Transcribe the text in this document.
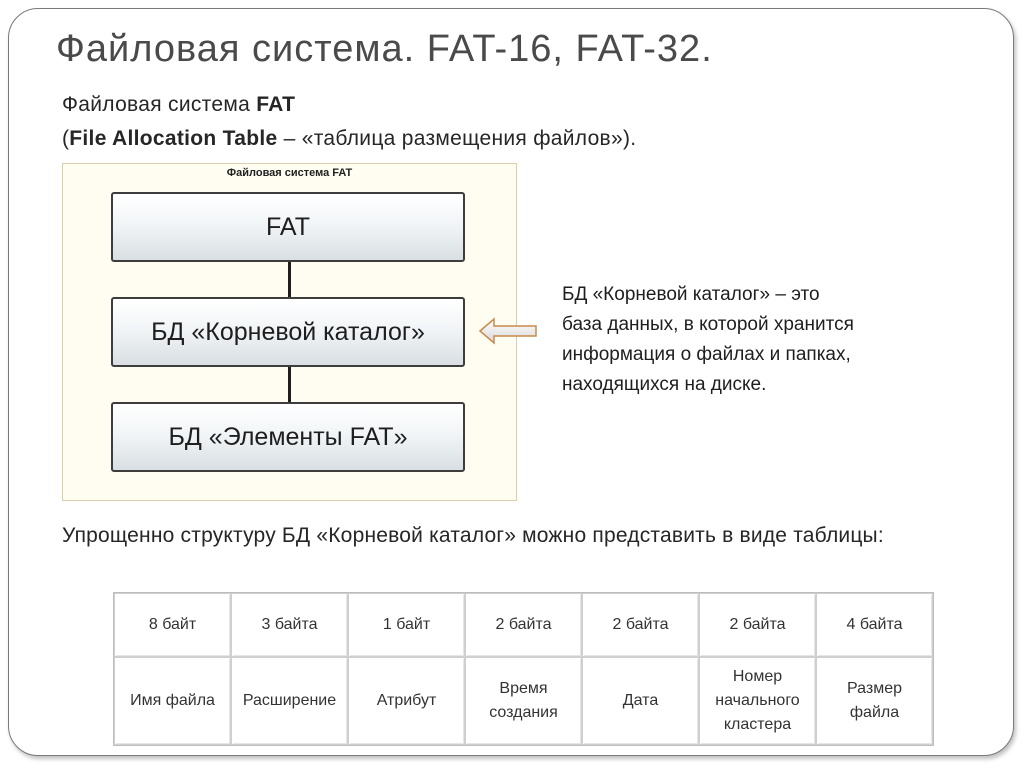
Файловая система. FAT-16, FAT-32.
Файловая система FAT
(File Allocation Table – «таблица размещения файлов»).
Файловая система FAT
FAT
БД «Корневой каталог»
БД «Элементы FAT»
БД «Корневой каталог» – это
база данных, в которой хранится
информация о файлах и папках,
находящихся на диске.
Упрощенно структуру БД «Корневой каталог» можно представить в виде таблицы:
8 байт	3 байта	1 байт	2 байта	2 байта	2 байта	4 байта
Имя файла	Расширение	Атрибут	Время
создания	Дата	Номер
начального
кластера	Размер
файла
